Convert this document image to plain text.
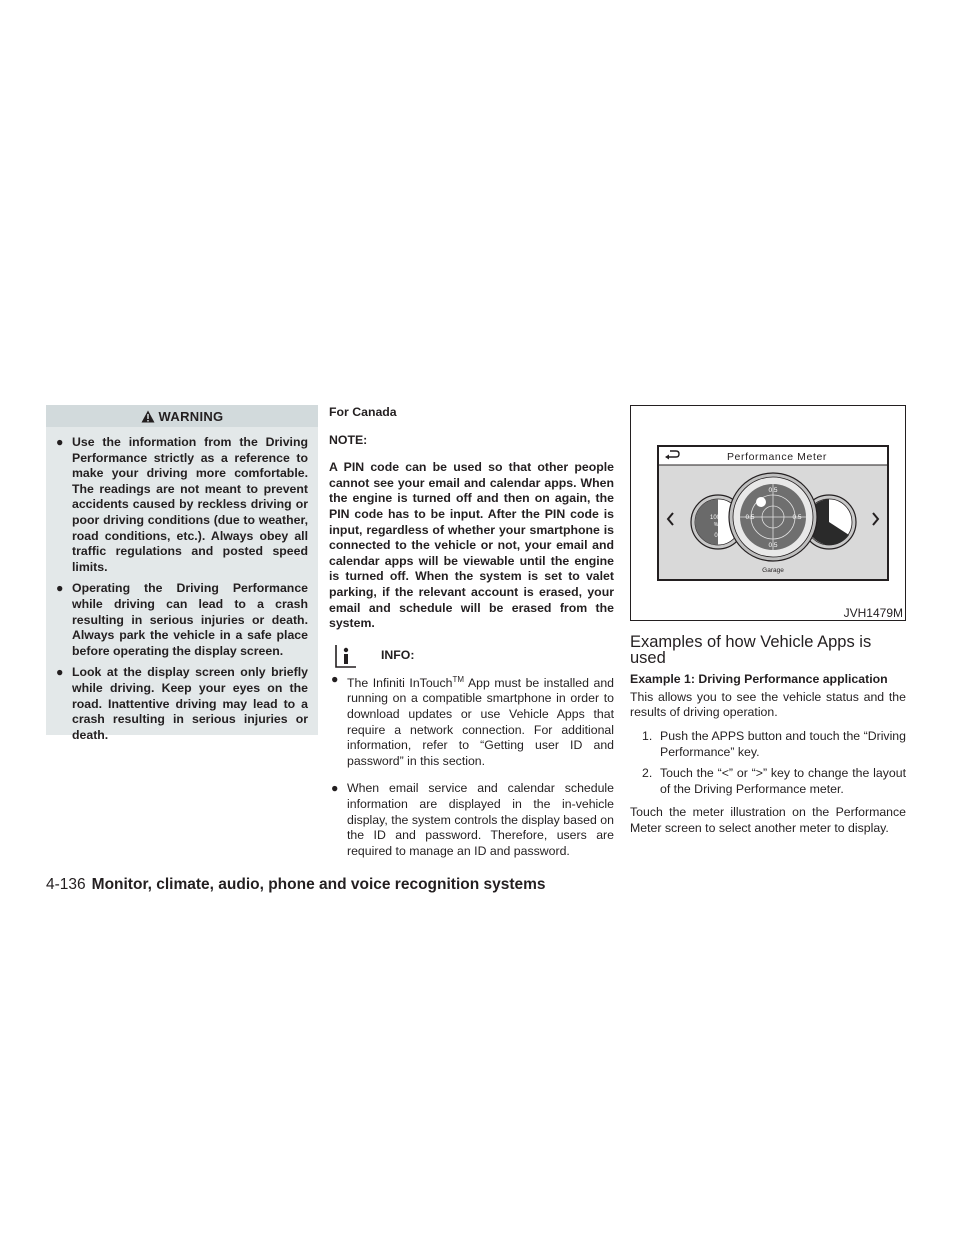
WARNING
● Use the information from the Driving Performance strictly as a reference to make your driving more comfortable. The readings are not meant to prevent accidents caused by reckless driving or poor driving conditions (due to weather, road conditions, etc.). Always obey all traffic regulations and posted speed limits.
● Operating the Driving Performance while driving can lead to a crash resulting in serious injuries or death. Always park the vehicle in a safe place before operating the display screen.
● Look at the display screen only briefly while driving. Keep your eyes on the road. Inattentive driving may lead to a crash resulting in serious injuries or death.

For Canada

NOTE:

A PIN code can be used so that other people cannot see your email and calendar apps. When the engine is turned off and then on again, the PIN code has to be input. After the PIN code is input, regardless of whether your smartphone is connected to the vehicle or not, your email and calendar apps will be viewable until the engine is turned off. When the system is set to valet parking, if the relevant account is erased, your email and schedule will be erased from the system.

INFO:
● The Infiniti InTouch™ App must be installed and running on a compatible smartphone in order to download updates or use Vehicle Apps that require a network connection. For additional information, refer to “Getting user ID and password” in this section.
● When email service and calendar schedule information are displayed in the in-vehicle display, the system controls the display based on the ID and password. Therefore, users are required to manage an ID and password.
Performance Meter
100
%
0
0.5
0.5	0.5
0.5
Garage
JVH1479M
Examples of how Vehicle Apps is used

Example 1: Driving Performance application

This allows you to see the vehicle status and the results of driving operation.

1. Push the APPS button and touch the “Driving Performance” key.
2. Touch the “<” or “>” key to change the layout of the Driving Performance meter.

Touch the meter illustration on the Performance Meter screen to select another meter to display.

4-136 Monitor, climate, audio, phone and voice recognition systems
